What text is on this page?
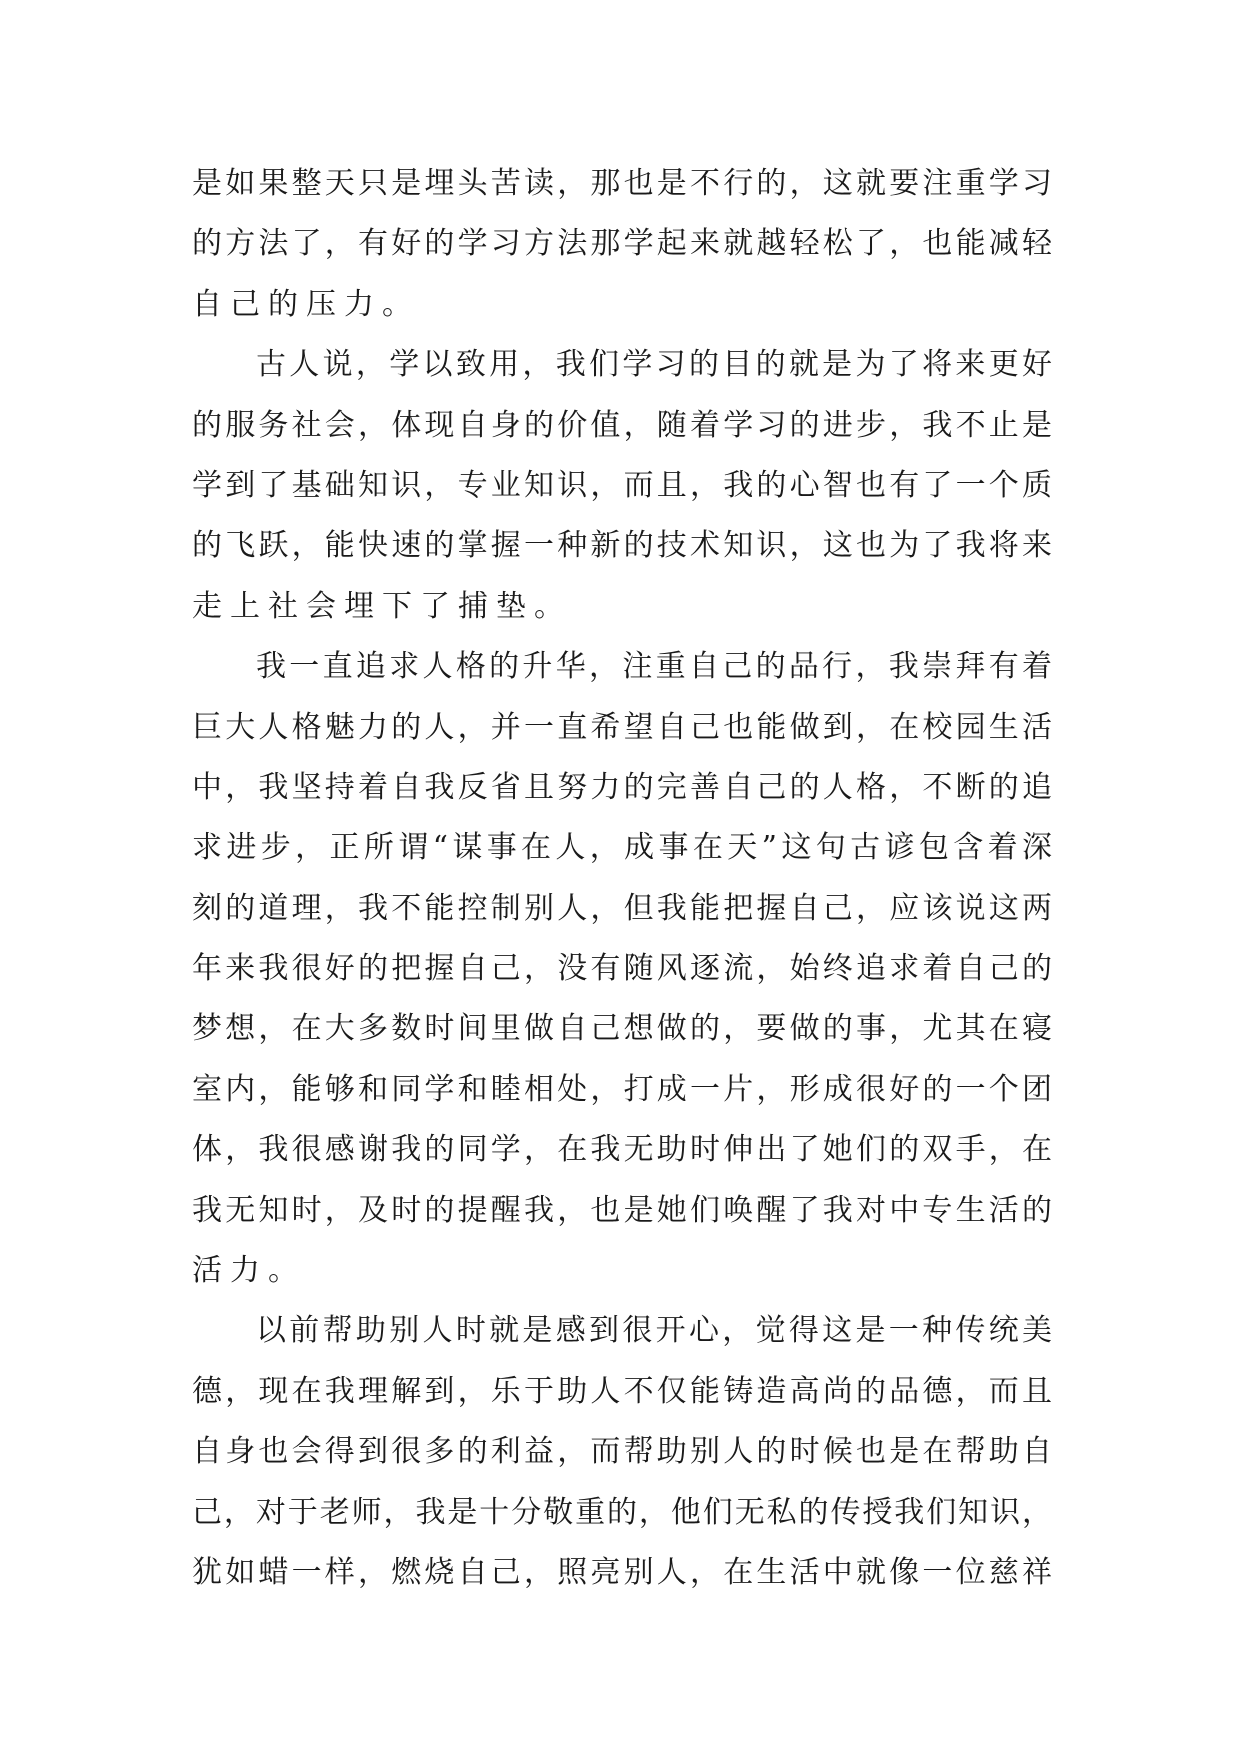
是如果整天只是埋头苦读，那也是不行的，这就要注重学习
的方法了，有好的学习方法那学起来就越轻松了，也能减轻
自己的压力。
古人说，学以致用，我们学习的目的就是为了将来更好
的服务社会，体现自身的价值，随着学习的进步，我不止是
学到了基础知识，专业知识，而且，我的心智也有了一个质
的飞跃，能快速的掌握一种新的技术知识，这也为了我将来
走上社会埋下了捕垫。
我一直追求人格的升华，注重自己的品行，我崇拜有着
巨大人格魅力的人，并一直希望自己也能做到，在校园生活
中，我坚持着自我反省且努力的完善自己的人格，不断的追
求进步，正所谓“谋事在人，成事在天”这句古谚包含着深
刻的道理，我不能控制别人，但我能把握自己，应该说这两
年来我很好的把握自己，没有随风逐流，始终追求着自己的
梦想，在大多数时间里做自己想做的，要做的事，尤其在寝
室内，能够和同学和睦相处，打成一片，形成很好的一个团
体，我很感谢我的同学，在我无助时伸出了她们的双手，在
我无知时，及时的提醒我，也是她们唤醒了我对中专生活的
活力。
以前帮助别人时就是感到很开心，觉得这是一种传统美
德，现在我理解到，乐于助人不仅能铸造高尚的品德，而且
自身也会得到很多的利益，而帮助别人的时候也是在帮助自
己，对于老师，我是十分敬重的，他们无私的传授我们知识，
犹如蜡一样，燃烧自己，照亮别人，在生活中就像一位慈祥
